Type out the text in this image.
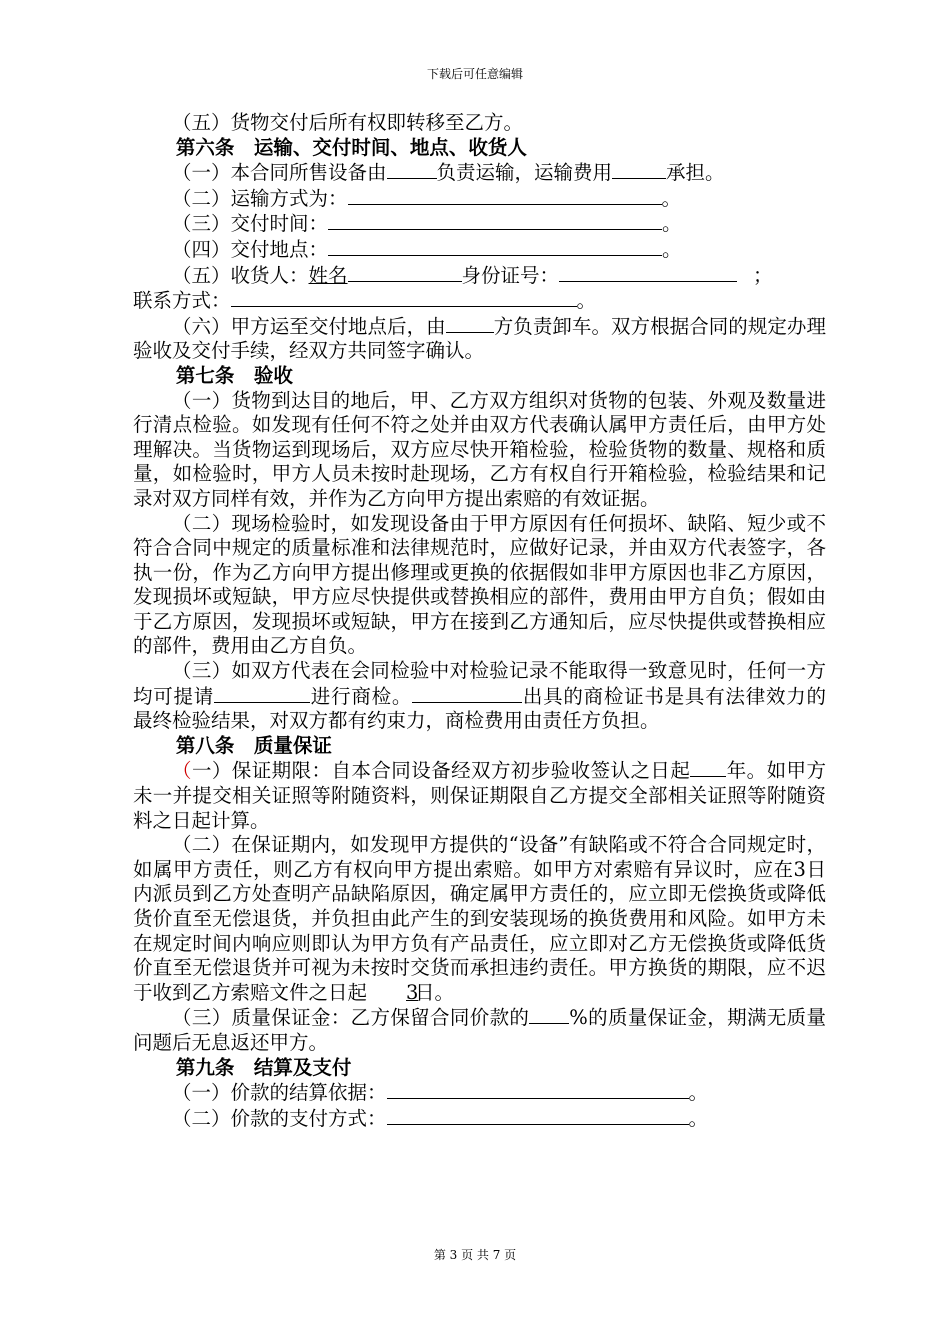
下载后可任意编辑

（五）货物交付后所有权即转移至乙方。

第六条　运输、交付时间、地点、收货人

（一）本合同所售设备由	负责运输，运输费用	承担。

（二）运输方式为：	。

（三）交付时间：	。

（四）交付地点：	。

（五）收货人：姓名	身份证号：	；

联系方式：	。

（六）甲方运至交付地点后，由 方负责卸车。双方根据合同的规定办理验收及交付手续，经双方共同签字确认。

第七条　验收

（一）货物到达目的地后，甲、乙方双方组织对货物的包装、外观及数量进行清点检验。如发现有任何不符之处并由双方代表确认属甲方责任后，由甲方处理解决。当货物运到现场后，双方应尽快开箱检验，检验货物的数量、规格和质量，如检验时，甲方人员未按时赴现场，乙方有权自行开箱检验，检验结果和记录对双方同样有效，并作为乙方向甲方提出索赔的有效证据。

（二）现场检验时，如发现设备由于甲方原因有任何损坏、缺陷、短少或不符合合同中规定的质量标准和法律规范时，应做好记录，并由双方代表签字，各执一份，作为乙方向甲方提出修理或更换的依据假如非甲方原因也非乙方原因，发现损坏或短缺，甲方应尽快提供或替换相应的部件，费用由甲方自负；假如由于乙方原因，发现损坏或短缺，甲方在接到乙方通知后，应尽快提供或替换相应的部件，费用由乙方自负。

（三）如双方代表在会同检验中对检验记录不能取得一致意见时，任何一方均可提请	进行商检。	出具的商检证书是具有法律效力的最终检验结果，对双方都有约束力，商检费用由责任方负担。

第八条　质量保证

（一）保证期限：自本合同设备经双方初步验收签认之日起 年。如甲方未一并提交相关证照等附随资料，则保证期限自乙方提交全部相关证照等附随资料之日起计算。

（二）在保证期内，如发现甲方提供的“设备”有缺陷或不符合合同规定时，如属甲方责任，则乙方有权向甲方提出索赔。如甲方对索赔有异议时，应在3日内派员到乙方处查明产品缺陷原因，确定属甲方责任的，应立即无偿换货或降低货价直至无偿退货，并负担由此产生的到安装现场的换货费用和风险。如甲方未在规定时间内响应则即认为甲方负有产品责任，应立即对乙方无偿换货或降低货价直至无偿退货并可视为未按时交货而承担违约责任。甲方换货的期限，应不迟于收到乙方索赔文件之日起 3日。

（三）质量保证金：乙方保留合同价款的 %的质量保证金，期满无质量问题后无息返还甲方。

第九条　结算及支付

（一）价款的结算依据：	。

（二）价款的支付方式：	。

第 3 页 共 7 页
